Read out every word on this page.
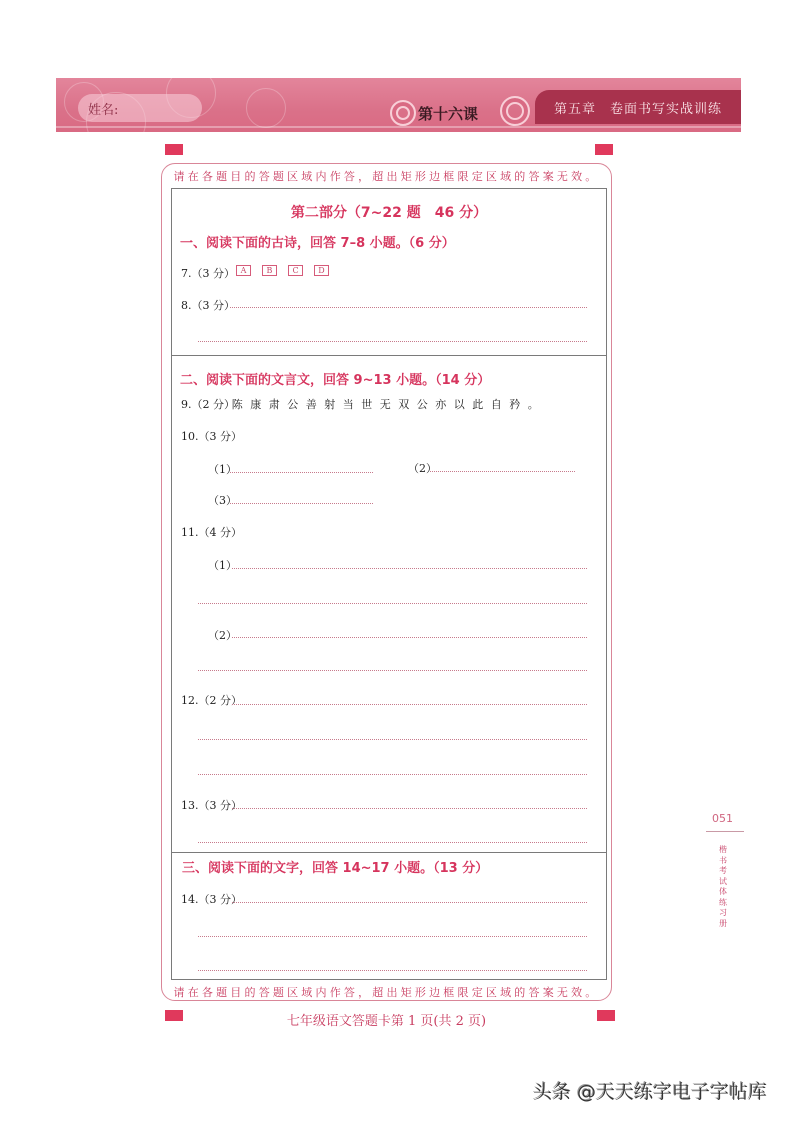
姓名:	第十六课	第五章 卷面书写实战训练
请在各题目的答题区域内作答，超出矩形边框限定区域的答案无效。
请在各题目的答题区域内作答，超出矩形边框限定区域的答案无效。
第二部分（7~22 题　46 分）
一、阅读下面的古诗，回答 7–8 小题。（6 分）
7.（3 分） A	B	C	D
8.（3 分）
二、阅读下面的文言文，回答 9~13 小题。（14 分）
9.（2 分）
陈 康 肃 公 善 射 当 世 无 双 公 亦 以 此 自 矜 。
10.（3 分）
（1）	（2）
（3）
11.（4 分）
（1）
（2）
12.（2 分）
13.（3 分）
三、阅读下面的文字，回答 14~17 小题。（13 分）
14.（3 分）
七年级语文答题卡第 1 页(共 2 页)
051
楷书考试体练习册
头条 @天天练字电子字帖库
